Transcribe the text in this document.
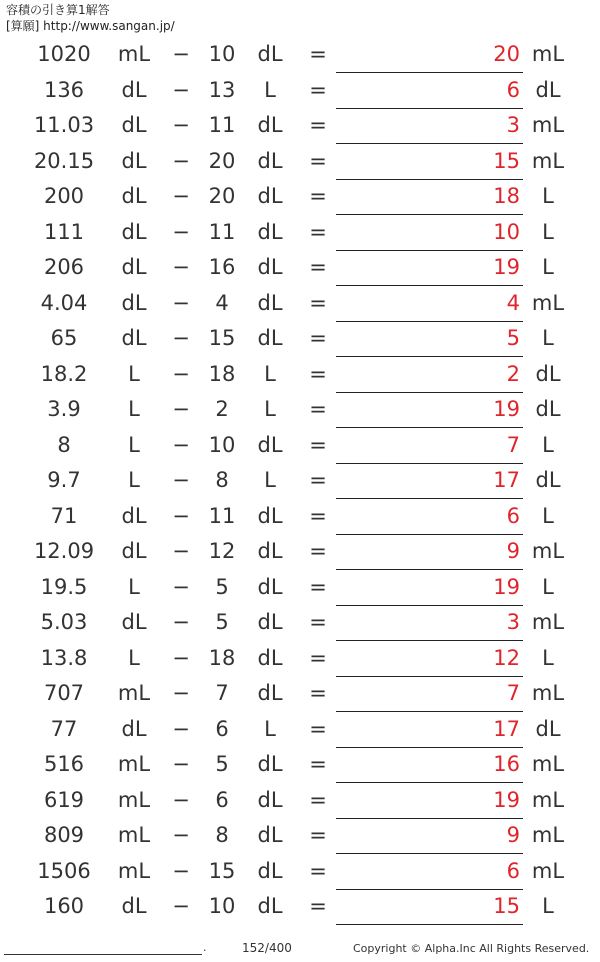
容積の引き算1解答
[算願] http://www.sangan.jp/
1020	mL	− 10	dL	=	20 mL
136	dL	− 13	L	=	6 dL
11.03	dL	− 11	dL	=	3 mL
20.15	dL	− 20	dL	=	15 mL
200	dL	− 20	dL	=	18	L
111	dL	− 11	dL	=	10	L
206	dL	− 16	dL	=	19	L
4.04	dL	−	4	dL	=	4 mL
65	dL	− 15	dL	=	5	L
18.2	L	− 18	L	=	2 dL
3.9	L	−	2	L	=	19 dL
8	L	− 10	dL	=	7	L
9.7	L	−	8	L	=	17 dL
71	dL	− 11	dL	=	6	L
12.09	dL	− 12	dL	=	9 mL
19.5	L	−	5	dL	=	19	L
5.03	dL	−	5	dL	=	3 mL
13.8	L	− 18	dL	=	12	L
707	mL	−	7	dL	=	7 mL
77	dL	−	6	L	=	17 dL
516	mL	−	5	dL	=	16 mL
619	mL	−	6	dL	=	19 mL
809	mL	−	8	dL	=	9 mL
1506	mL	− 15	dL	=	6 mL
160	dL	− 10	dL	=	15	L
.	152/400	Copyright © Alpha.Inc All Rights Reserved.
